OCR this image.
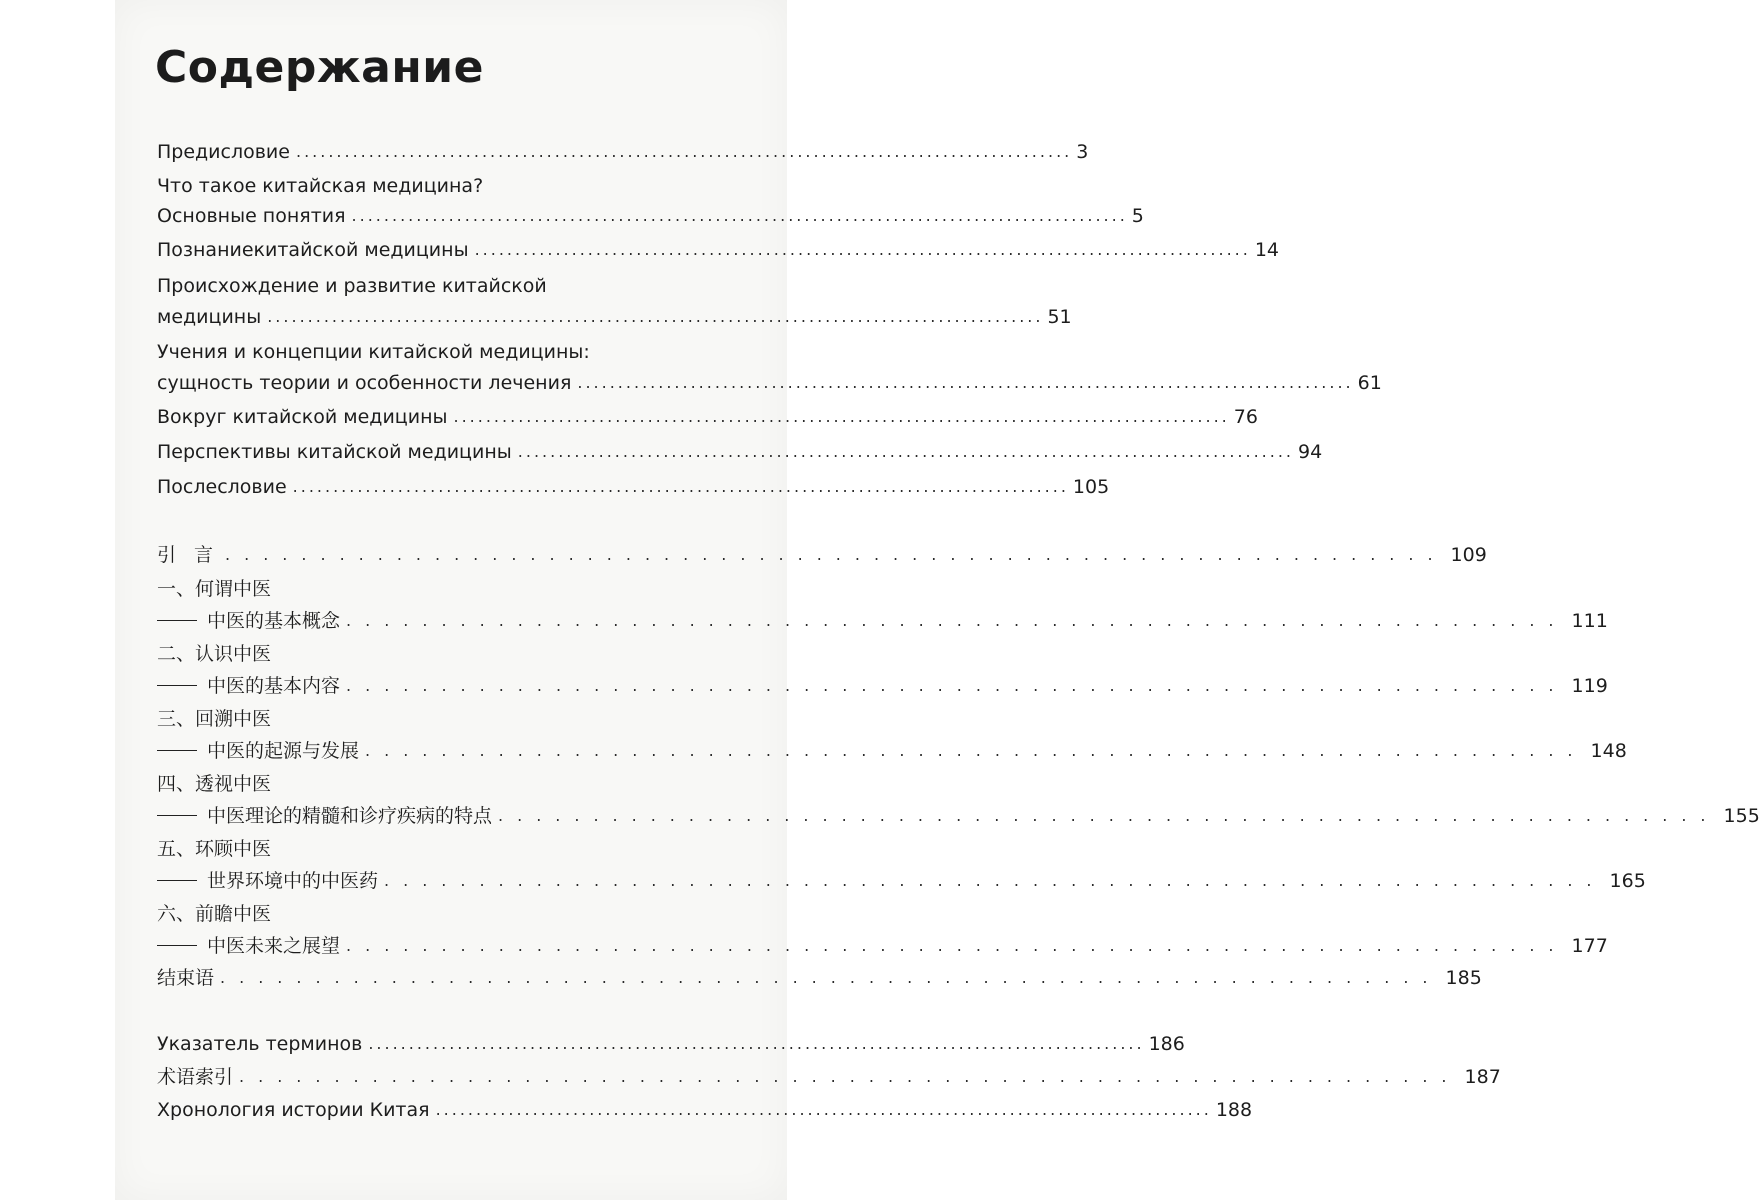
Содержание
Предисловие ................................................................................................ 3
Что такое китайская медицина?
Основные понятия ................................................................................................ 5
Познаниекитайской медицины ................................................................................................ 14
Происхождение и развитие китайской
медицины ................................................................................................ 51
Учения и концепции китайской медицины:
сущность теории и особенности лечения ................................................................................................ 61
Вокруг китайской медицины ................................................................................................ 76
Перспективы китайской медицины ................................................................................................ 94
Послесловие ................................................................................................ 105
引 言 ................................................................ 109
一、何谓中医
中医的基本概念 ................................................................ 111
二、认识中医
中医的基本内容 ................................................................ 119
三、回溯中医
中医的起源与发展 ................................................................ 148
四、透视中医
中医理论的精髓和诊疗疾病的特点 ................................................................ 155
五、环顾中医
世界环境中的中医药 ................................................................ 165
六、前瞻中医
中医未来之展望 ................................................................ 177
结束语 ................................................................ 185
Указатель терминов ................................................................................................ 186
术语索引 ................................................................ 187
Хронология истории Китая ................................................................................................ 188
